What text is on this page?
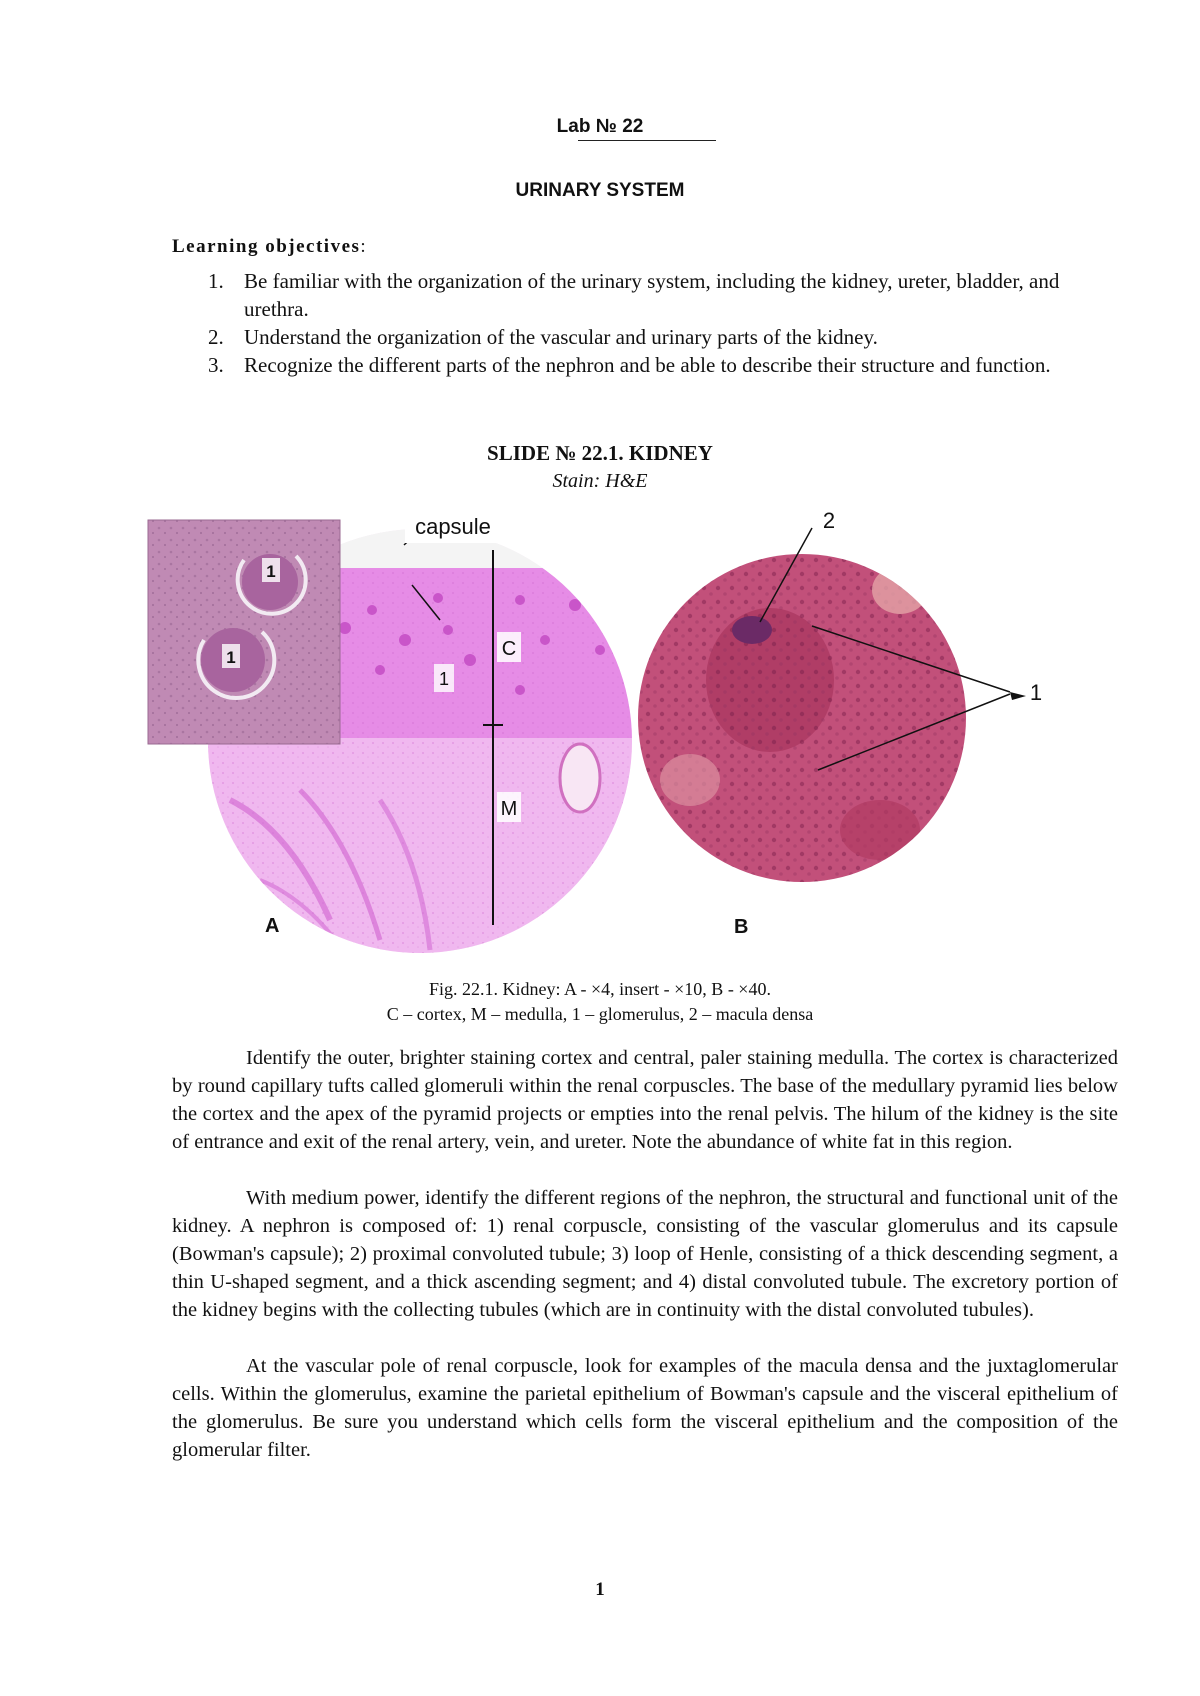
Lab № 22
URINARY SYSTEM
Learning objectives:
1. Be familiar with the organization of the urinary system, including the kidney, ureter, bladder, and urethra.
2. Understand the organization of the vascular and urinary parts of the kidney.
3. Recognize the different parts of the nephron and be able to describe their structure and function.
SLIDE № 22.1. KIDNEY
Stain: H&E
capsule
C
M
1
A
1
1
2
1
B
Fig. 22.1. Kidney: A - ×4, insert - ×10, B - ×40.
C – cortex, M – medulla, 1 – glomerulus, 2 – macula densa

Identify the outer, brighter staining cortex and central, paler staining medulla. The cortex is characterized by round capillary tufts called glomeruli within the renal corpuscles. The base of the medullary pyramid lies below the cortex and the apex of the pyramid projects or empties into the renal pelvis. The hilum of the kidney is the site of entrance and exit of the renal artery, vein, and ureter. Note the abundance of white fat in this region.

With medium power, identify the different regions of the nephron, the structural and functional unit of the kidney. A nephron is composed of: 1) renal corpuscle, consisting of the vascular glomerulus and its capsule (Bowman's capsule); 2) proximal convoluted tubule; 3) loop of Henle, consisting of a thick descending segment, a thin U-shaped segment, and a thick ascending segment; and 4) distal convoluted tubule. The excretory portion of the kidney begins with the collecting tubules (which are in continuity with the distal convoluted tubules).

At the vascular pole of renal corpuscle, look for examples of the macula densa and the juxtaglomerular cells. Within the glomerulus, examine the parietal epithelium of Bowman's capsule and the visceral epithelium of the glomerulus. Be sure you understand which cells form the visceral epithelium and the composition of the glomerular filter.

1
